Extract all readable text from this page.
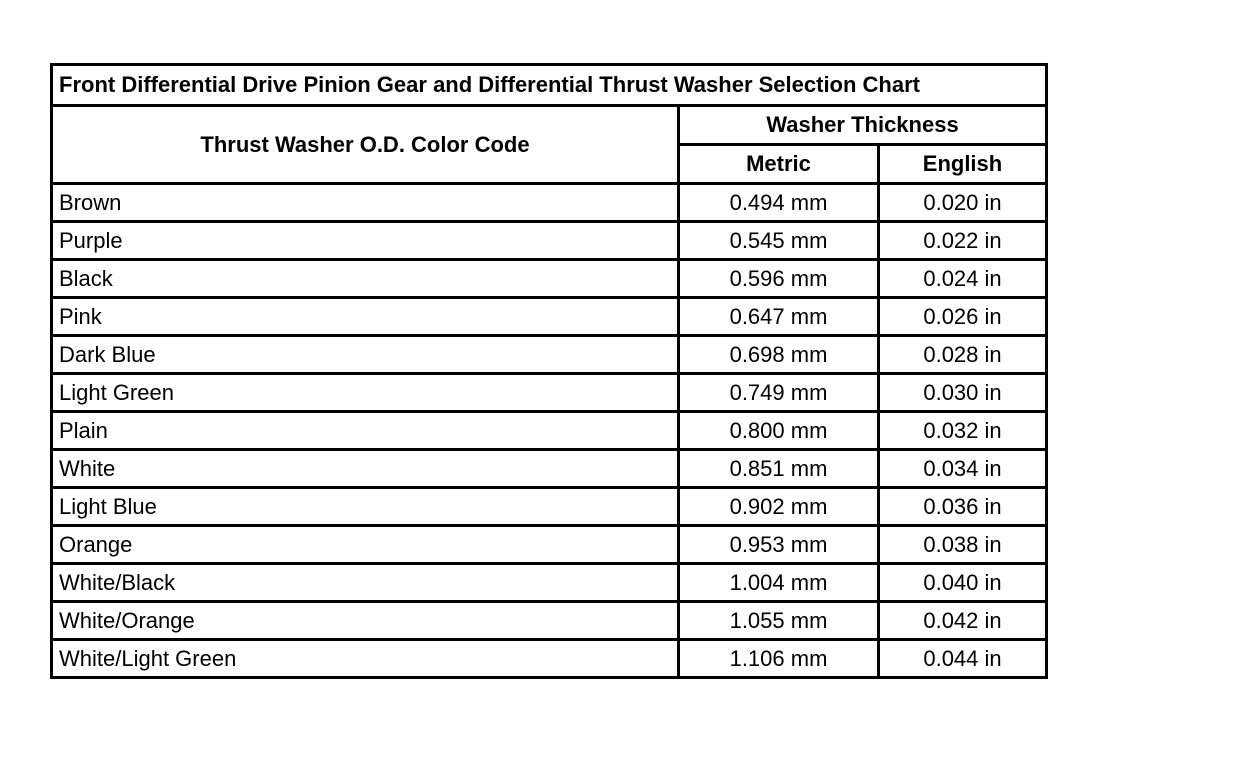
Front Differential Drive Pinion Gear and Differential Thrust Washer Selection Chart		
Thrust Washer O.D. Color Code	Washer Thickness	
	Metric	English
Brown	0.494 mm	0.020 in
Purple	0.545 mm	0.022 in
Black	0.596 mm	0.024 in
Pink	0.647 mm	0.026 in
Dark Blue	0.698 mm	0.028 in
Light Green	0.749 mm	0.030 in
Plain	0.800 mm	0.032 in
White	0.851 mm	0.034 in
Light Blue	0.902 mm	0.036 in
Orange	0.953 mm	0.038 in
White/Black	1.004 mm	0.040 in
White/Orange	1.055 mm	0.042 in
White/Light Green	1.106 mm	0.044 in
